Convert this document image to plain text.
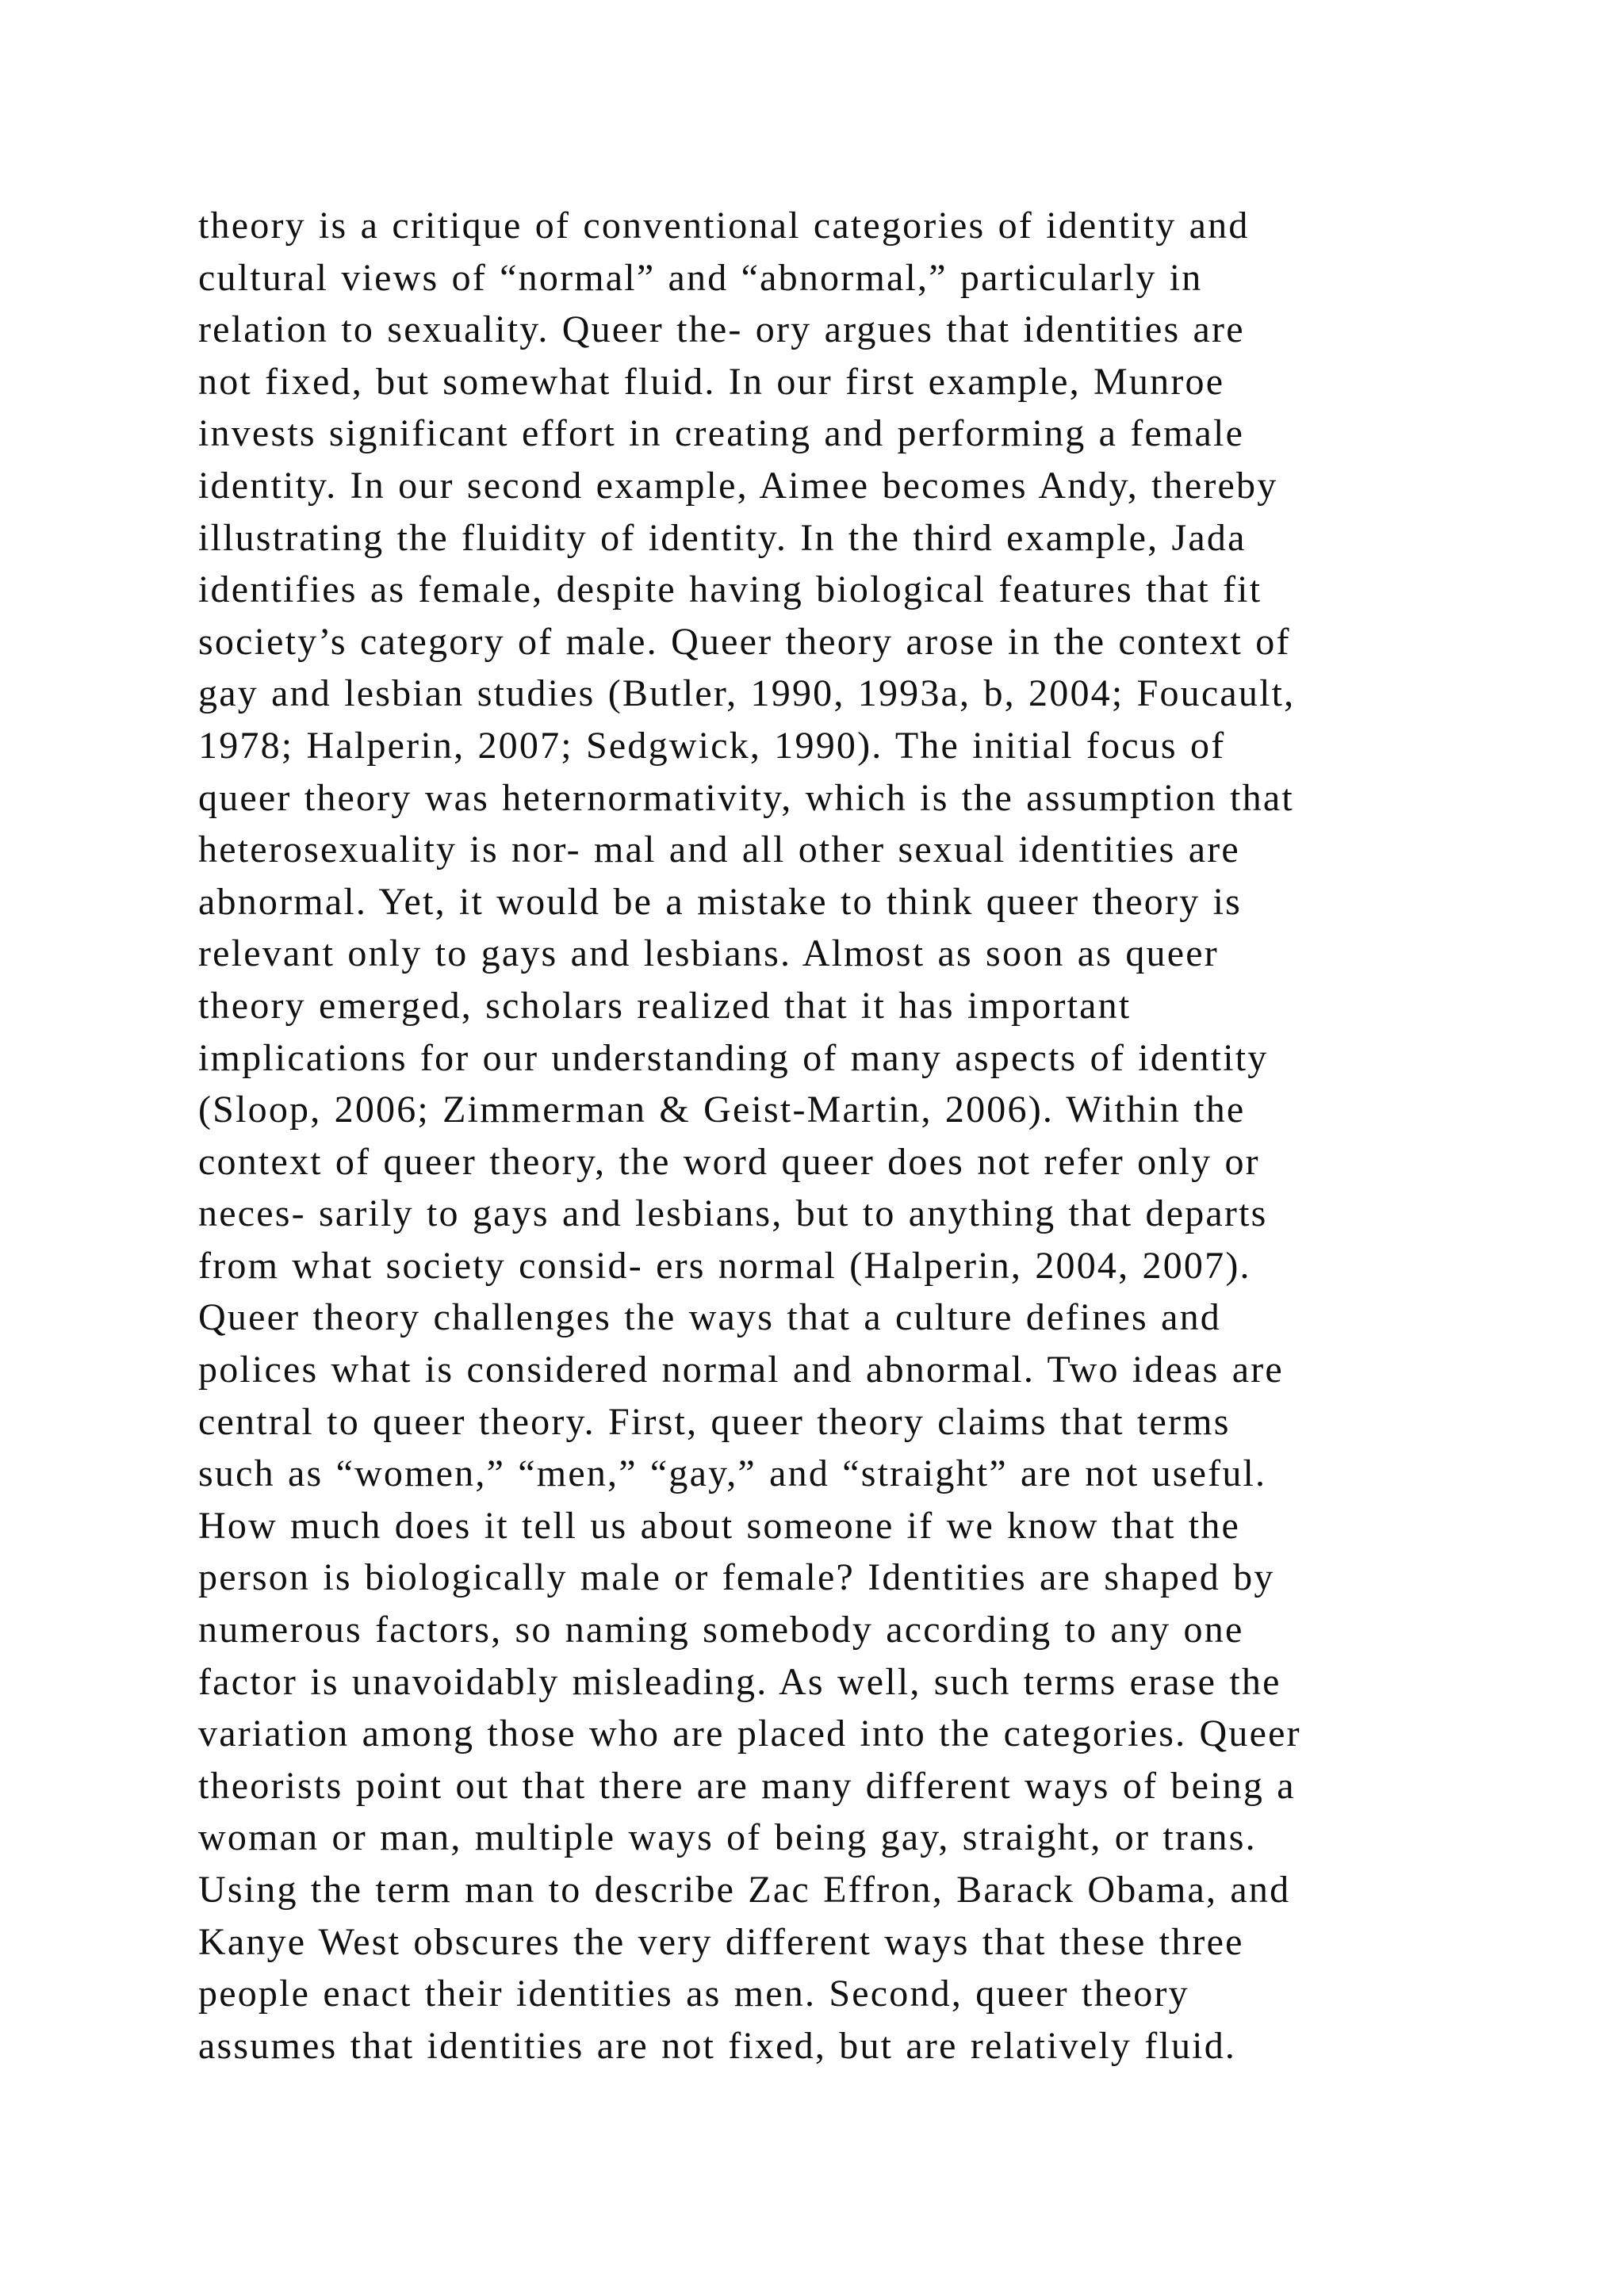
theory is a critique of conventional categories of identity and
cultural views of “normal” and “abnormal,” particularly in
relation to sexuality. Queer the- ory argues that identities are
not fixed, but somewhat fluid. In our first example, Munroe
invests significant effort in creating and performing a female
identity. In our second example, Aimee becomes Andy, thereby
illustrating the fluidity of identity. In the third example, Jada
identifies as female, despite having biological features that fit
society’s category of male. Queer theory arose in the context of
gay and lesbian studies (Butler, 1990, 1993a, b, 2004; Foucault,
1978; Halperin, 2007; Sedgwick, 1990). The initial focus of
queer theory was heternormativity, which is the assumption that
heterosexuality is nor- mal and all other sexual identities are
abnormal. Yet, it would be a mistake to think queer theory is
relevant only to gays and lesbians. Almost as soon as queer
theory emerged, scholars realized that it has important
implications for our understanding of many aspects of identity
(Sloop, 2006; Zimmerman & Geist-Martin, 2006). Within the
context of queer theory, the word queer does not refer only or
neces- sarily to gays and lesbians, but to anything that departs
from what society consid- ers normal (Halperin, 2004, 2007).
Queer theory challenges the ways that a culture defines and
polices what is considered normal and abnormal. Two ideas are
central to queer theory. First, queer theory claims that terms
such as “women,” “men,” “gay,” and “straight” are not useful.
How much does it tell us about someone if we know that the
person is biologically male or female? Identities are shaped by
numerous factors, so naming somebody according to any one
factor is unavoidably misleading. As well, such terms erase the
variation among those who are placed into the categories. Queer
theorists point out that there are many different ways of being a
woman or man, multiple ways of being gay, straight, or trans.
Using the term man to describe Zac Effron, Barack Obama, and
Kanye West obscures the very different ways that these three
people enact their identities as men. Second, queer theory
assumes that identities are not fixed, but are relatively fluid.
